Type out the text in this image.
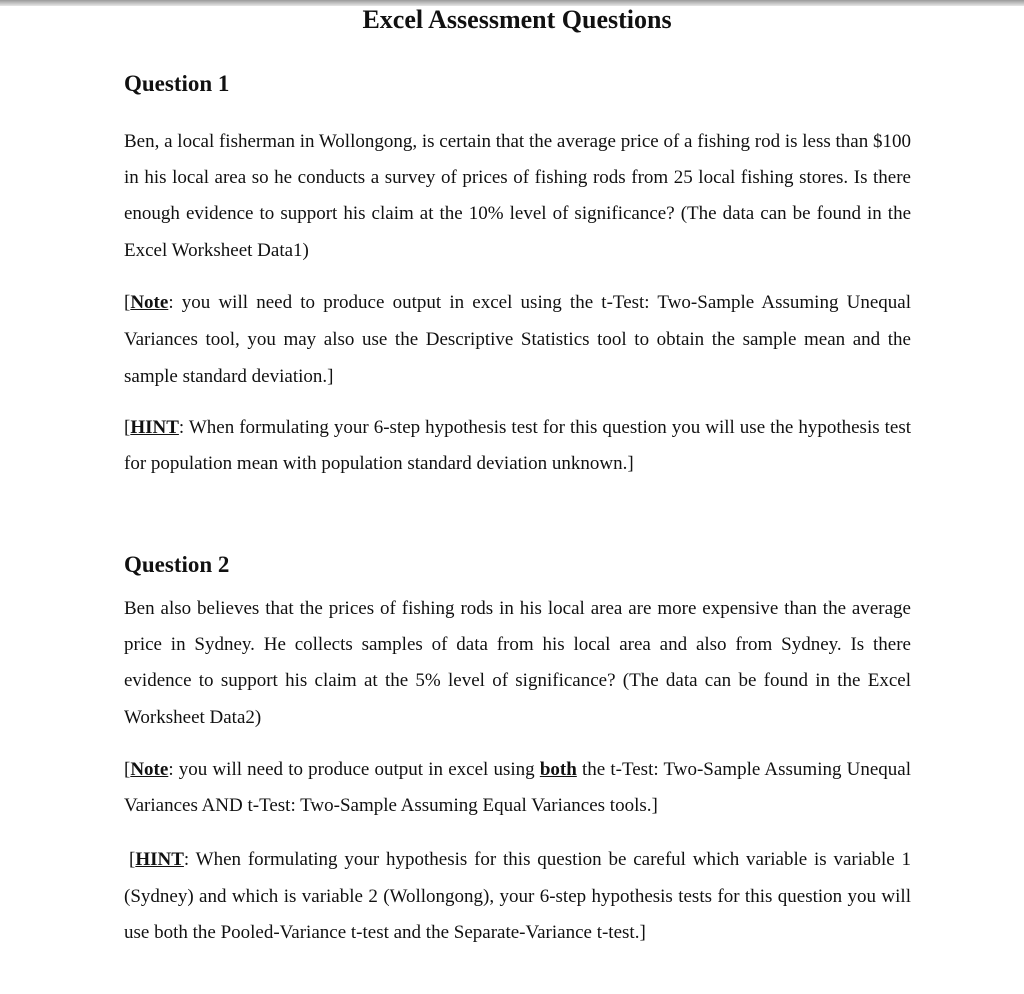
Excel Assessment Questions
Question 1
Ben, a local fisherman in Wollongong, is certain that the average price of a fishing rod is less than $100 in his local area so he conducts a survey of prices of fishing rods from 25 local fishing stores. Is there enough evidence to support his claim at the 10% level of significance? (The data can be found in the Excel Worksheet Data1)
[Note: you will need to produce output in excel using the t-Test: Two-Sample Assuming Unequal Variances tool, you may also use the Descriptive Statistics tool to obtain the sample mean and the sample standard deviation.]
[HINT: When formulating your 6-step hypothesis test for this question you will use the hypothesis test for population mean with population standard deviation unknown.]
Question 2
Ben also believes that the prices of fishing rods in his local area are more expensive than the average price in Sydney. He collects samples of data from his local area and also from Sydney. Is there evidence to support his claim at the 5% level of significance? (The data can be found in the Excel Worksheet Data2)
[Note: you will need to produce output in excel using both the t-Test: Two-Sample Assuming Unequal Variances AND t-Test: Two-Sample Assuming Equal Variances tools.]
[HINT: When formulating your hypothesis for this question be careful which variable is variable 1 (Sydney) and which is variable 2 (Wollongong), your 6-step hypothesis tests for this question you will use both the Pooled-Variance t-test and the Separate-Variance t-test.]
